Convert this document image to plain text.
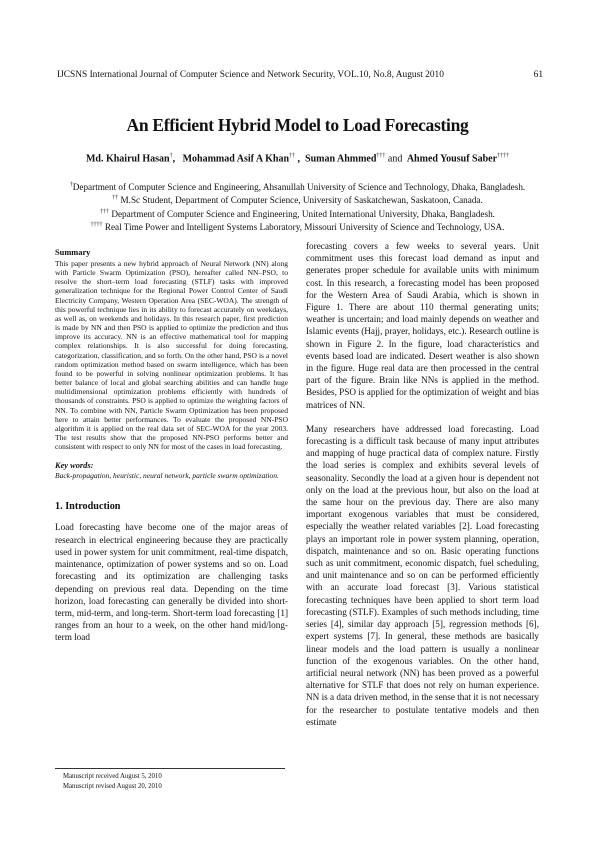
IJCSNS International Journal of Computer Science and Network Security, VOL.10, No.8, August 2010	61
An Efficient Hybrid Model to Load Forecasting
Md. Khairul Hasan†,   Mohammad Asif A Khan†† ,  Suman Ahmmed††† and  Ahmed Yousuf Saber††††
†Department of Computer Science and Engineering, Ahsanullah University of Science and Technology, Dhaka, Bangladesh.
†† M.Sc Student, Department of Computer Science, University of Saskatchewan, Saskatoon, Canada.
††† Department of Computer Science and Engineering, United International University, Dhaka, Bangladesh.
†††† Real Time Power and Intelligent Systems Laboratory, Missouri University of Science and Technology, USA.

Summary

This paper presents a new hybrid approach of Neural Network (NN) along with Particle Swarm Optimization (PSO), hereafter called NN–PSO, to resolve the short–term load forecasting (STLF) tasks with improved generalization technique for the Regional Power Control Center of Saudi Electricity Company, Western Operation Area (SEC-WOA). The strength of this powerful technique lies in its ability to forecast accurately on weekdays, as well as, on weekends and holidays. In this research paper, first prediction is made by NN and then PSO is applied to optimize the prediction and thus improve its accuracy. NN is an effective mathematical tool for mapping complex relationships. It is also successful for doing forecasting, categorization, classification, and so forth. On the other hand, PSO is a novel random optimization method based on swarm intelligence, which has been found to be powerful in solving nonlinear optimization problems. It has better balance of local and global searching abilities and can handle huge multidimensional optimization problems efficiently with hundreds of thousands of constraints. PSO is applied to optimize the weighting factors of NN. To combine with NN, Particle Swarm Optimization has been proposed here to attain better performances. To evaluate the proposed NN-PSO algorithm it is applied on the real data set of SEC-WOA for the year 2003. The test results show that the proposed NN-PSO performs better and consistent with respect to only NN for most of the cases in load forecasting.

Key words:

Back-propagation, heuristic, neural network, particle swarm optimization.

1. Introduction

Load forecasting have become one of the major areas of research in electrical engineering because they are practically used in power system for unit commitment, real-time dispatch, maintenance, optimization of power systems and so on. Load forecasting and its optimization are challenging tasks depending on previous real data. Depending on the time horizon, load forecasting can generally be divided into short-term, mid-term, and long-term. Short-term load forecasting [1] ranges from an hour to a week, on the other hand mid/long-term load

forecasting covers a few weeks to several years. Unit commitment uses this forecast load demand as input and generates proper schedule for available units with minimum cost. In this research, a forecasting model has been proposed for the Western Area of Saudi Arabia, which is shown in Figure 1. There are about 110 thermal generating units; weather is uncertain; and load mainly depends on weather and Islamic events (Hajj, prayer, holidays, etc.). Research outline is shown in Figure 2. In the figure, load characteristics and events based load are indicated. Desert weather is also shown in the figure. Huge real data are then processed in the central part of the figure. Brain like NNs is applied in the method. Besides, PSO is applied for the optimization of weight and bias matrices of NN.

Many researchers have addressed load forecasting. Load forecasting is a difficult task because of many input attributes and mapping of huge practical data of complex nature. Firstly the load series is complex and exhibits several levels of seasonality. Secondly the load at a given hour is dependent not only on the load at the previous hour, but also on the load at the same hour on the previous day. There are also many important exogenous variables that must be considered, especially the weather related variables [2]. Load forecasting plays an important role in power system planning, operation, dispatch, maintenance and so on. Basic operating functions such as unit commitment, economic dispatch, fuel scheduling, and unit maintenance and so on can be performed efficiently with an accurate load forecast [3]. Various statistical forecasting techniques have been applied to short term load forecasting (STLF). Examples of such methods including, time series [4], similar day approach [5], regression methods [6], expert systems [7]. In general, these methods are basically linear models and the load pattern is usually a nonlinear function of the exogenous variables. On the other hand, artificial neural network (NN) has been proved as a powerful alternative for STLF that does not rely on human experience. NN is a data driven method, in the sense that it is not necessary for the researcher to postulate tentative models and then estimate

Manuscript received August 5, 2010
Manuscript revised August 20, 2010
